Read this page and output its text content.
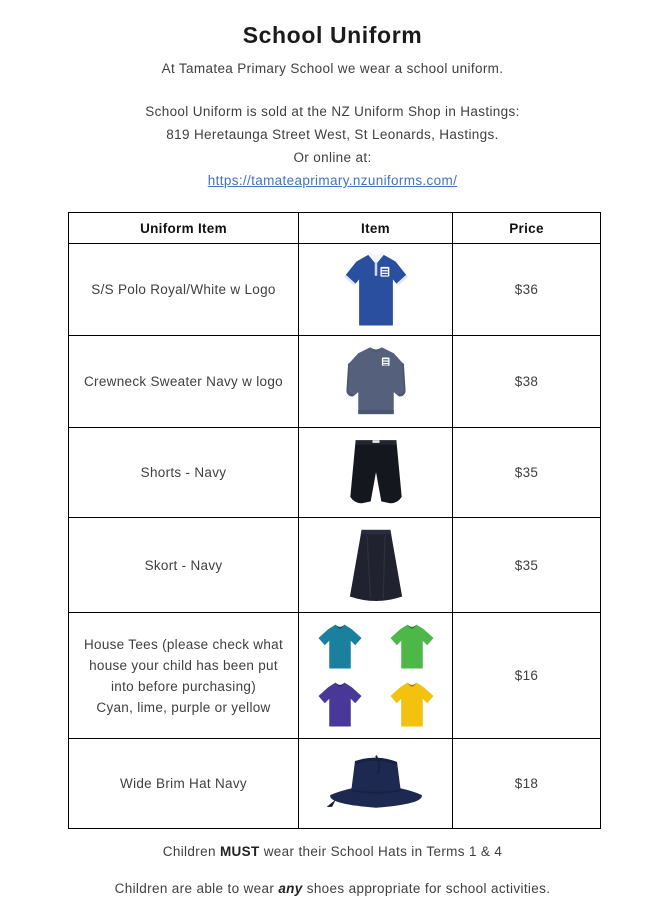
School Uniform
At Tamatea Primary School we wear a school uniform.
School Uniform is sold at the NZ Uniform Shop in Hastings:
819 Heretaunga Street West, St Leonards, Hastings.
Or online at:
https://tamateaprimary.nzuniforms.com/
Uniform Item	Item	Price
S/S Polo Royal/White w Logo		$36
Crewneck Sweater Navy w logo		$38
Shorts - Navy		$35
Skort - Navy		$35
House Tees (please check what house your child has been put into before purchasing)
Cyan, lime, purple or yellow		$16
Wide Brim Hat Navy		$18
Children MUST wear their School Hats in Terms 1 & 4
Children are able to wear any shoes appropriate for school activities.
